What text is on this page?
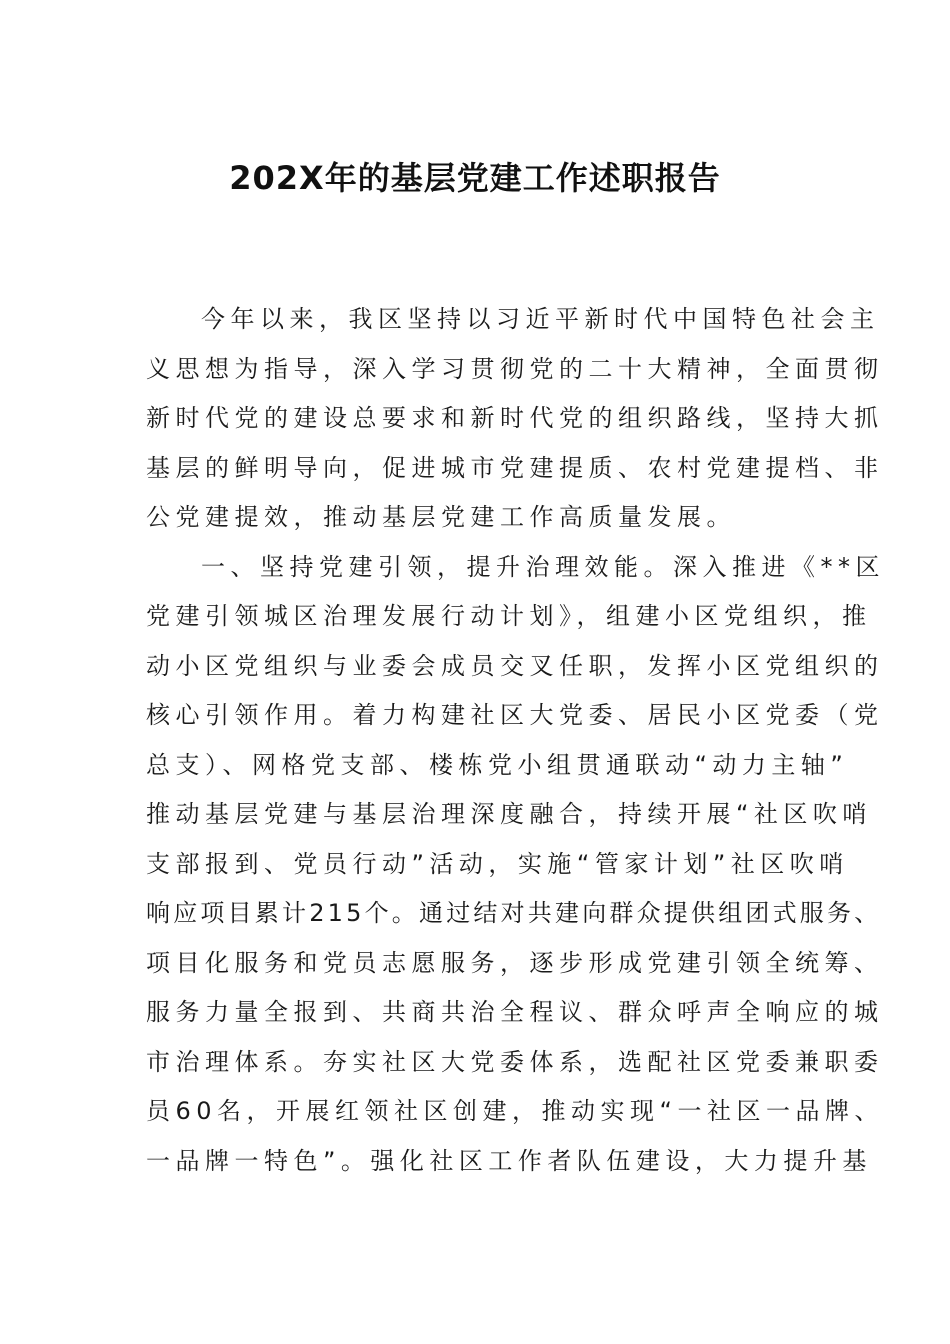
202X年的基层党建工作述职报告
今年以来，我区坚持以习近平新时代中国特色社会主
义思想为指导，深入学习贯彻党的二十大精神，全面贯彻
新时代党的建设总要求和新时代党的组织路线，坚持大抓
基层的鲜明导向，促进城市党建提质、农村党建提档、非
公党建提效，推动基层党建工作高质量发展。
一、坚持党建引领，提升治理效能。深入推进《**区
党建引领城区治理发展行动计划》，组建小区党组织，推
动小区党组织与业委会成员交叉任职，发挥小区党组织的
核心引领作用。着力构建社区大党委、居民小区党委（党
总支）、网格党支部、楼栋党小组贯通联动“动力主轴”
推动基层党建与基层治理深度融合，持续开展“社区吹哨
支部报到、党员行动”活动，实施“管家计划”社区吹哨
响应项目累计215个。通过结对共建向群众提供组团式服务、
项目化服务和党员志愿服务，逐步形成党建引领全统筹、
服务力量全报到、共商共治全程议、群众呼声全响应的城
市治理体系。夯实社区大党委体系，选配社区党委兼职委
员60名，开展红领社区创建，推动实现“一社区一品牌、
一品牌一特色”。强化社区工作者队伍建设，大力提升基
